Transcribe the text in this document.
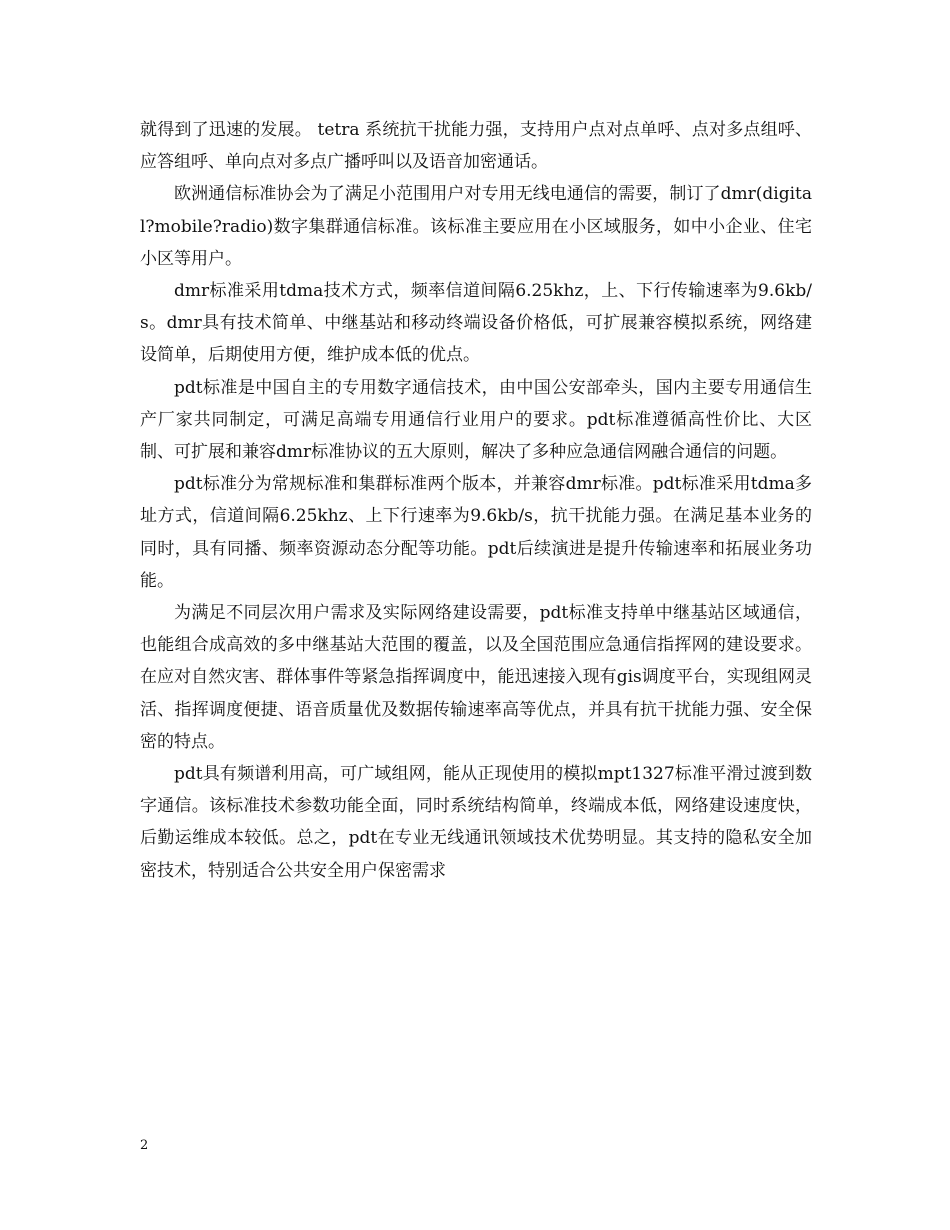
就得到了迅速的发展。 tetra 系统抗干扰能力强，支持用户点对点单呼、点对多点组呼、应答组呼、单向点对多点广播呼叫以及语音加密通话。

欧洲通信标准协会为了满足小范围用户对专用无线电通信的需要，制订了dmr(digital?mobile?radio)数字集群通信标准。该标准主要应用在小区域服务，如中小企业、住宅小区等用户。

dmr标准采用tdma技术方式，频率信道间隔6.25khz，上、下行传输速率为9.6kb/s。dmr具有技术简单、中继基站和移动终端设备价格低，可扩展兼容模拟系统，网络建设简单，后期使用方便，维护成本低的优点。

pdt标准是中国自主的专用数字通信技术，由中国公安部牵头，国内主要专用通信生产厂家共同制定，可满足高端专用通信行业用户的要求。pdt标准遵循高性价比、大区制、可扩展和兼容dmr标准协议的五大原则，解决了多种应急通信网融合通信的问题。

pdt标准分为常规标准和集群标准两个版本，并兼容dmr标准。pdt标准采用tdma多址方式，信道间隔6.25khz、上下行速率为9.6kb/s，抗干扰能力强。在满足基本业务的同时，具有同播、频率资源动态分配等功能。pdt后续演进是提升传输速率和拓展业务功能。

为满足不同层次用户需求及实际网络建设需要，pdt标准支持单中继基站区域通信，也能组合成高效的多中继基站大范围的覆盖，以及全国范围应急通信指挥网的建设要求。在应对自然灾害、群体事件等紧急指挥调度中，能迅速接入现有gis调度平台，实现组网灵活、指挥调度便捷、语音质量优及数据传输速率高等优点，并具有抗干扰能力强、安全保密的特点。

pdt具有频谱利用高，可广域组网，能从正现使用的模拟mpt1327标准平滑过渡到数字通信。该标准技术参数功能全面，同时系统结构简单，终端成本低，网络建设速度快，后勤运维成本较低。总之，pdt在专业无线通讯领域技术优势明显。其支持的隐私安全加密技术，特别适合公共安全用户保密需求

2
